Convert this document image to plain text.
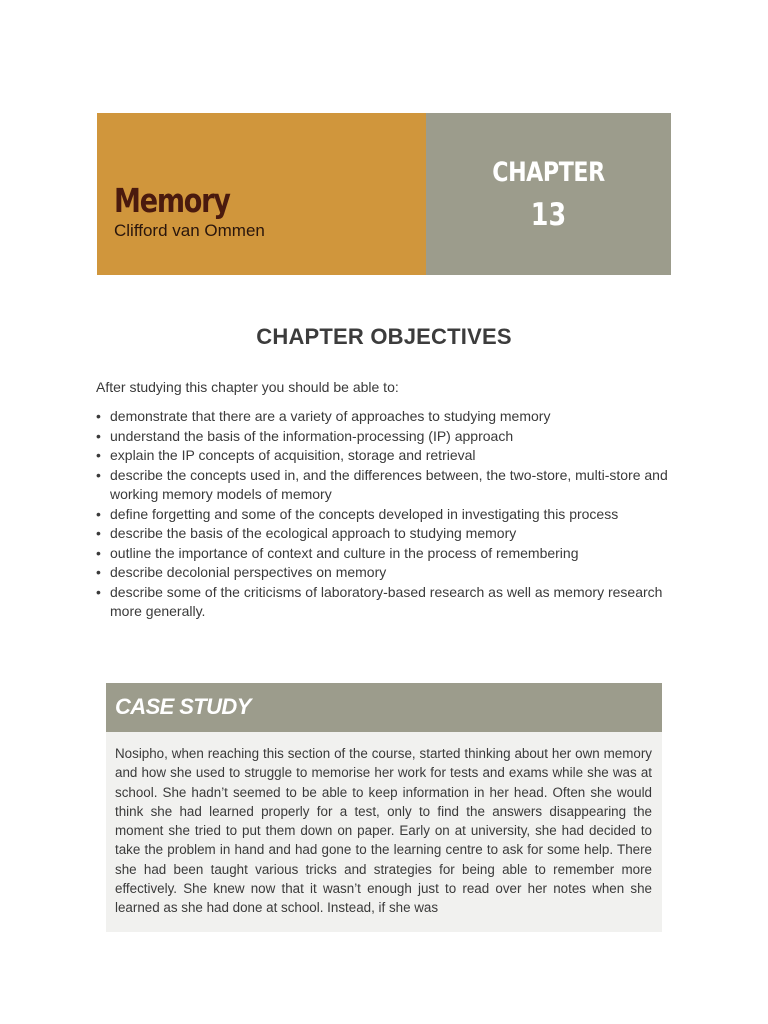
Memory

Clifford van Ommen

CHAPTER
13
CHAPTER OBJECTIVES

After studying this chapter you should be able to:

• demonstrate that there are a variety of approaches to studying memory
• understand the basis of the information-processing (IP) approach
• explain the IP concepts of acquisition, storage and retrieval
• describe the concepts used in, and the differences between, the two-store, multi-store and working memory models of memory
• define forgetting and some of the concepts developed in investigating this process
• describe the basis of the ecological approach to studying memory
• outline the importance of context and culture in the process of remembering
• describe decolonial perspectives on memory
• describe some of the criticisms of laboratory-based research as well as memory research more generally.
CASE STUDY

Nosipho, when reaching this section of the course, started thinking about her own memory and how she used to struggle to memorise her work for tests and exams while she was at school. She hadn’t seemed to be able to keep information in her head. Often she would think she had learned properly for a test, only to find the answers disappearing the moment she tried to put them down on paper. Early on at university, she had decided to take the problem in hand and had gone to the learning centre to ask for some help. There she had been taught various tricks and strategies for being able to remember more effectively. She knew now that it wasn’t enough just to read over her notes when she learned as she had done at school. Instead, if she was
